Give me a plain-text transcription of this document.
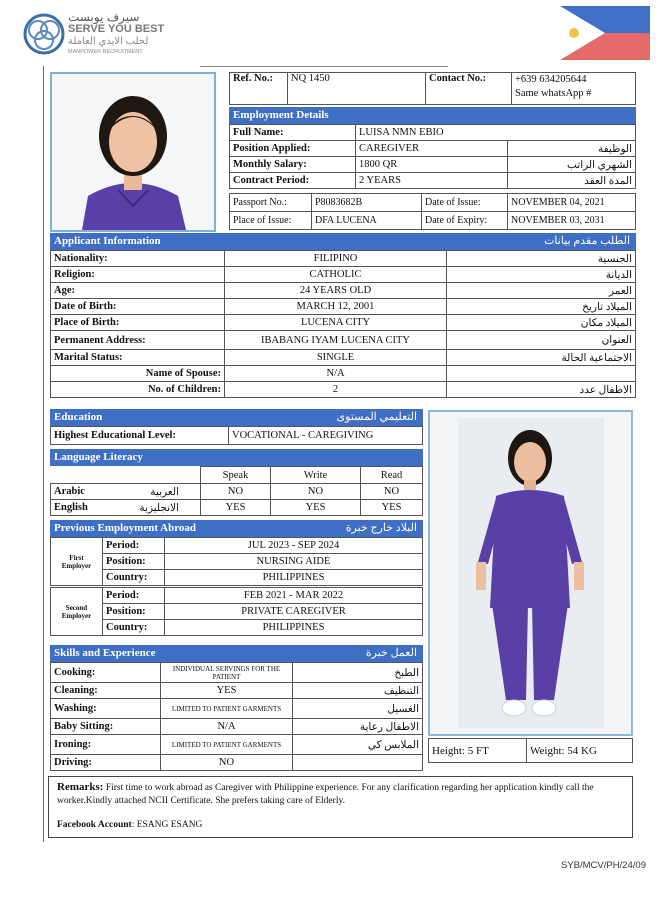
سيرف يوبست
SERVE YOU BEST
لجلب الايدي العاملة
MANPOWER RECRUITMENT
Ref. No.:	NQ 1450	Contact No.:	+639 634205644
Same whatsApp #
Employment Details
Full Name:	LUISA NMN EBIO	
Position Applied:	CAREGIVER	الوظيفة
Monthly Salary:	1800 QR	الشهري الراتب
Contract Period:	2 YEARS	المدة العقد
Passport No.:	P8083682B	Date of Issue:	NOVEMBER 04, 2021
Place of Issue:	DFA LUCENA	Date of Expiry:	NOVEMBER 03, 2031
Applicant Information	الطلب مقدم بيانات
Nationality:	FILIPINO	الجنسية
Religion:	CATHOLIC	الديانة
Age:	24 YEARS OLD	العمر
Date of Birth:	MARCH 12, 2001	الميلاد تاريخ
Place of Birth:	LUCENA CITY	الميلاد مكان
Permanent Address:	IBABANG IYAM LUCENA CITY	العنوان
Marital Status:	SINGLE	الاجتماعية الحالة
Name of Spouse:	N/A	
No. of Children:	2	الاطفال عدد
Education	التعليمي المستوى
Highest Educational Level:	VOCATIONAL - CAREGIVING
Language Literacy
	Speak	Write	Read
Arabic العربية	NO	NO	NO
English الانجليزية	YES	YES	YES
Previous Employment Abroad	البلاد خارج خبرة
First Employer	Period:	JUL 2023 - SEP 2024
	Position:	NURSING AIDE
	Country:	PHILIPPINES

Second Employer	Period:	FEB 2021 - MAR 2022
	Position:	PRIVATE CAREGIVER
	Country:	PHILIPPINES
Skills and Experience	العمل خبرة
Cooking:	INDIVIDUAL SERVINGS FOR THE PATIENT	الطبخ
Cleaning:	YES	التنظيف
Washing:	LIMITED TO PATIENT GARMENTS	الغسيل
Baby Sitting:	N/A	الاطفال رعاية
Ironing:	LIMITED TO PATIENT GARMENTS	الملابس كي
Driving:	NO	
Height: 5 FT	Weight: 54 KG
Remarks: First time to work abroad as Caregiver with Philippine experience. For any clarification regarding her application kindly call the worker.Kindly attached NCII Certificate. She prefers taking care of Elderly.
Facebook Account: ESANG ESANG
SYB/MCV/PH/24/09
